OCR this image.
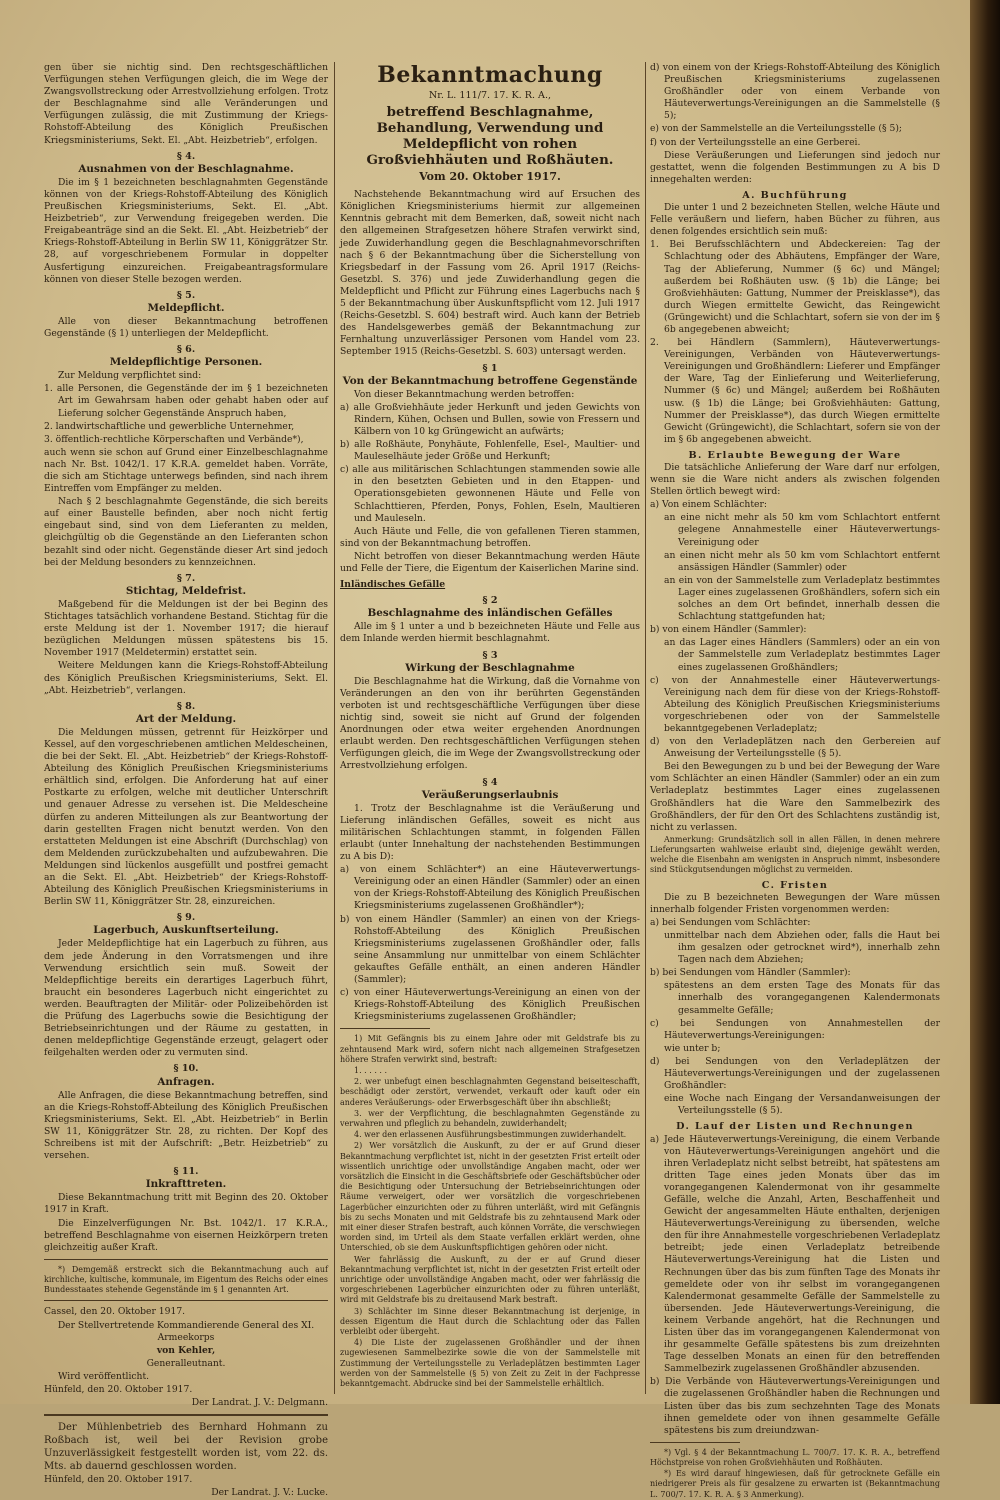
gen über sie nichtig sind. Den rechtsgeschäftlichen Verfügungen stehen Verfügungen gleich, die im Wege der Zwangsvollstreckung oder Arrestvollziehung erfolgen. Trotz der Beschlagnahme sind alle Veränderungen und Verfügungen zulässig, die mit Zustimmung der Kriegs-Rohstoff-Abteilung des Königlich Preußischen Kriegsministeriums, Sekt. El. „Abt. Heizbetrieb“, erfolgen.

§ 4.

Ausnahmen von der Beschlagnahme.

Die im § 1 bezeichneten beschlagnahmten Gegenstände können von der Kriegs-Rohstoff-Abteilung des Königlich Preußischen Kriegsministeriums, Sekt. El. „Abt. Heizbetrieb“, zur Verwendung freigegeben werden. Die Freigabeanträge sind an die Sekt. El. „Abt. Heizbetrieb“ der Kriegs-Rohstoff-Abteilung in Berlin SW 11, Königgrätzer Str. 28, auf vorgeschriebenem Formular in doppelter Ausfertigung einzureichen. Freigabeantragsformulare können von dieser Stelle bezogen werden.

§ 5.

Meldepflicht.

Alle von dieser Bekanntmachung betroffenen Gegenstände (§ 1) unterliegen der Meldepflicht.

§ 6.

Meldepflichtige Personen.

Zur Meldung verpflichtet sind:

1. alle Personen, die Gegenstände der im § 1 bezeichneten Art im Gewahrsam haben oder gehabt haben oder auf Lieferung solcher Gegenstände Anspruch haben,

2. landwirtschaftliche und gewerbliche Unternehmer,

3. öffentlich-rechtliche Körperschaften und Verbände*),

auch wenn sie schon auf Grund einer Einzelbeschlagnahme nach Nr. Bst. 1042/1. 17 K.R.A. gemeldet haben. Vorräte, die sich am Stichtage unterwegs befinden, sind nach ihrem Eintreffen vom Empfänger zu melden.

Nach § 2 beschlagnahmte Gegenstände, die sich bereits auf einer Baustelle befinden, aber noch nicht fertig eingebaut sind, sind von dem Lieferanten zu melden, gleichgültig ob die Gegenstände an den Lieferanten schon bezahlt sind oder nicht. Gegenstände dieser Art sind jedoch bei der Meldung besonders zu kennzeichnen.

§ 7.

Stichtag, Meldefrist.

Maßgebend für die Meldungen ist der bei Beginn des Stichtages tatsächlich vorhandene Bestand. Stichtag für die erste Meldung ist der 1. November 1917; die hierauf bezüglichen Meldungen müssen spätestens bis 15. November 1917 (Meldetermin) erstattet sein.

Weitere Meldungen kann die Kriegs-Rohstoff-Abteilung des Königlich Preußischen Kriegsministeriums, Sekt. El. „Abt. Heizbetrieb“, verlangen.

§ 8.

Art der Meldung.

Die Meldungen müssen, getrennt für Heizkörper und Kessel, auf den vorgeschriebenen amtlichen Meldescheinen, die bei der Sekt. El. „Abt. Heizbetrieb“ der Kriegs-Rohstoff-Abteilung des Königlich Preußischen Kriegsministeriums erhältlich sind, erfolgen. Die Anforderung hat auf einer Postkarte zu erfolgen, welche mit deutlicher Unterschrift und genauer Adresse zu versehen ist. Die Meldescheine dürfen zu anderen Mitteilungen als zur Beantwortung der darin gestellten Fragen nicht benutzt werden. Von den erstatteten Meldungen ist eine Abschrift (Durchschlag) von dem Meldenden zurückzubehalten und aufzubewahren. Die Meldungen sind lückenlos ausgefüllt und postfrei gemacht an die Sekt. El. „Abt. Heizbetrieb“ der Kriegs-Rohstoff-Abteilung des Königlich Preußischen Kriegsministeriums in Berlin SW 11, Königgrätzer Str. 28, einzureichen.

§ 9.

Lagerbuch, Auskunftserteilung.

Jeder Meldepflichtige hat ein Lagerbuch zu führen, aus dem jede Änderung in den Vorratsmengen und ihre Verwendung ersichtlich sein muß. Soweit der Meldepflichtige bereits ein derartiges Lagerbuch führt, braucht ein besonderes Lagerbuch nicht eingerichtet zu werden. Beauftragten der Militär- oder Polizeibehörden ist die Prüfung des Lagerbuchs sowie die Besichtigung der Betriebseinrichtungen und der Räume zu gestatten, in denen meldepflichtige Gegenstände erzeugt, gelagert oder feilgehalten werden oder zu vermuten sind.

§ 10.

Anfragen.

Alle Anfragen, die diese Bekanntmachung betreffen, sind an die Kriegs-Rohstoff-Abteilung des Königlich Preußischen Kriegsministeriums, Sekt. El. „Abt. Heizbetrieb“ in Berlin SW 11, Königgrätzer Str. 28, zu richten. Der Kopf des Schreibens ist mit der Aufschrift: „Betr. Heizbetrieb“ zu versehen.

§ 11.

Inkrafttreten.

Diese Bekanntmachung tritt mit Beginn des 20. Oktober 1917 in Kraft.

Die Einzelverfügungen Nr. Bst. 1042/1. 17 K.R.A., betreffend Beschlagnahme von eisernen Heizkörpern treten gleichzeitig außer Kraft.

*) Demgemäß erstreckt sich die Bekanntmachung auch auf kirchliche, kultische, kommunale, im Eigentum des Reichs oder eines Bundesstaates stehende Gegenstände im § 1 genannten Art.

Cassel, den 20. Oktober 1917.

Der Stellvertretende Kommandierende General des XI. Armeekorps

von Kehler,

Generalleutnant.

Wird veröffentlicht.

Hünfeld, den 20. Oktober 1917.

Der Landrat. J. V.: Delgmann.

Der Mühlenbetrieb des Bernhard Hohmann zu Roßbach ist, weil bei der Revision grobe Unzuverlässigkeit festgestellt worden ist, vom 22. ds. Mts. ab dauernd geschlossen worden.

Hünfeld, den 20. Oktober 1917.

Der Landrat. J. V.: Lucke.

Bekanntmachung

Nr. L. 111/7. 17. K. R. A.,

betreffend Beschlagnahme, Behandlung, Verwendung und Meldepflicht von rohen Großviehhäuten und Roßhäuten.

Vom 20. Oktober 1917.

Nachstehende Bekanntmachung wird auf Ersuchen des Königlichen Kriegsministeriums hiermit zur allgemeinen Kenntnis gebracht mit dem Bemerken, daß, soweit nicht nach den allgemeinen Strafgesetzen höhere Strafen verwirkt sind, jede Zuwiderhandlung gegen die Beschlagnahmevorschriften nach § 6 der Bekanntmachung über die Sicherstellung von Kriegsbedarf in der Fassung vom 26. April 1917 (Reichs-Gesetzbl. S. 376) und jede Zuwiderhandlung gegen die Meldepflicht und Pflicht zur Führung eines Lagerbuchs nach § 5 der Bekanntmachung über Auskunftspflicht vom 12. Juli 1917 (Reichs-Gesetzbl. S. 604) bestraft wird. Auch kann der Betrieb des Handelsgewerbes gemäß der Bekanntmachung zur Fernhaltung unzuverlässiger Personen vom Handel vom 23. September 1915 (Reichs-Gesetzbl. S. 603) untersagt werden.

§ 1

Von der Bekanntmachung betroffene Gegenstände

Von dieser Bekanntmachung werden betroffen:

a) alle Großviehhäute jeder Herkunft und jeden Gewichts von Rindern, Kühen, Ochsen und Bullen, sowie von Fressern und Kälbern von 10 kg Grüngewicht an aufwärts;

b) alle Roßhäute, Ponyhäute, Fohlenfelle, Esel-, Maultier- und Mauleselhäute jeder Größe und Herkunft;

c) alle aus militärischen Schlachtungen stammenden sowie alle in den besetzten Gebieten und in den Etappen- und Operationsgebieten gewonnenen Häute und Felle von Schlachttieren, Pferden, Ponys, Fohlen, Eseln, Maultieren und Mauleseln.

Auch Häute und Felle, die von gefallenen Tieren stammen, sind von der Bekanntmachung betroffen.

Nicht betroffen von dieser Bekanntmachung werden Häute und Felle der Tiere, die Eigentum der Kaiserlichen Marine sind.

Inländisches Gefälle

§ 2

Beschlagnahme des inländischen Gefälles

Alle im § 1 unter a und b bezeichneten Häute und Felle aus dem Inlande werden hiermit beschlagnahmt.

§ 3

Wirkung der Beschlagnahme

Die Beschlagnahme hat die Wirkung, daß die Vornahme von Veränderungen an den von ihr berührten Gegenständen verboten ist und rechtsgeschäftliche Verfügungen über diese nichtig sind, soweit sie nicht auf Grund der folgenden Anordnungen oder etwa weiter ergehenden Anordnungen erlaubt werden. Den rechtsgeschäftlichen Verfügungen stehen Verfügungen gleich, die im Wege der Zwangsvollstreckung oder Arrestvollziehung erfolgen.

§ 4

Veräußerungserlaubnis

1. Trotz der Beschlagnahme ist die Veräußerung und Lieferung inländischen Gefälles, soweit es nicht aus militärischen Schlachtungen stammt, in folgenden Fällen erlaubt (unter Innehaltung der nachstehenden Bestimmungen zu A bis D):

a) von einem Schlächter*) an eine Häuteverwertungs-Vereinigung oder an einen Händler (Sammler) oder an einen von der Kriegs-Rohstoff-Abteilung des Königlich Preußischen Kriegsministeriums zugelassenen Großhändler*);

b) von einem Händler (Sammler) an einen von der Kriegs-Rohstoff-Abteilung des Königlich Preußischen Kriegsministeriums zugelassenen Großhändler oder, falls seine Ansammlung nur unmittelbar von einem Schlächter gekauftes Gefälle enthält, an einen anderen Händler (Sammler);

c) von einer Häuteverwertungs-Vereinigung an einen von der Kriegs-Rohstoff-Abteilung des Königlich Preußischen Kriegsministeriums zugelassenen Großhändler;

1) Mit Gefängnis bis zu einem Jahre oder mit Geldstrafe bis zu zehntausend Mark wird, sofern nicht nach allgemeinen Strafgesetzen höhere Strafen verwirkt sind, bestraft:

1. . . . . .

2. wer unbefugt einen beschlagnahmten Gegenstand beiseiteschafft, beschädigt oder zerstört, verwendet, verkauft oder kauft oder ein anderes Veräußerungs- oder Erwerbsgeschäft über ihn abschließt;

3. wer der Verpflichtung, die beschlagnahmten Gegenstände zu verwahren und pfleglich zu behandeln, zuwiderhandelt;

4. wer den erlassenen Ausführungsbestimmungen zuwiderhandelt.

2) Wer vorsätzlich die Auskunft, zu der er auf Grund dieser Bekanntmachung verpflichtet ist, nicht in der gesetzten Frist erteilt oder wissentlich unrichtige oder unvollständige Angaben macht, oder wer vorsätzlich die Einsicht in die Geschäftsbriefe oder Geschäftsbücher oder die Besichtigung oder Untersuchung der Betriebseinrichtungen oder Räume verweigert, oder wer vorsätzlich die vorgeschriebenen Lagerbücher einzurichten oder zu führen unterläßt, wird mit Gefängnis bis zu sechs Monaten und mit Geldstrafe bis zu zehntausend Mark oder mit einer dieser Strafen bestraft, auch können Vorräte, die verschwiegen worden sind, im Urteil als dem Staate verfallen erklärt werden, ohne Unterschied, ob sie dem Auskunftspflichtigen gehören oder nicht.

Wer fahrlässig die Auskunft, zu der er auf Grund dieser Bekanntmachung verpflichtet ist, nicht in der gesetzten Frist erteilt oder unrichtige oder unvollständige Angaben macht, oder wer fahrlässig die vorgeschriebenen Lagerbücher einzurichten oder zu führen unterläßt, wird mit Geldstrafe bis zu dreitausend Mark bestraft.

3) Schlächter im Sinne dieser Bekanntmachung ist derjenige, in dessen Eigentum die Haut durch die Schlachtung oder das Fallen verbleibt oder übergeht.

4) Die Liste der zugelassenen Großhändler und der ihnen zugewiesenen Sammelbezirke sowie die von der Sammelstelle mit Zustimmung der Verteilungsstelle zu Verladeplätzen bestimmten Lager werden von der Sammelstelle (§ 5) von Zeit zu Zeit in der Fachpresse bekanntgemacht. Abdrucke sind bei der Sammelstelle erhältlich.

d) von einem von der Kriegs-Rohstoff-Abteilung des Königlich Preußischen Kriegsministeriums zugelassenen Großhändler oder von einem Verbande von Häuteverwertungs-Vereinigungen an die Sammelstelle (§ 5);

e) von der Sammelstelle an die Verteilungsstelle (§ 5);

f) von der Verteilungsstelle an eine Gerberei.

Diese Veräußerungen und Lieferungen sind jedoch nur gestattet, wenn die folgenden Bestimmungen zu A bis D innegehalten werden:

A. Buchführung

Die unter 1 und 2 bezeichneten Stellen, welche Häute und Felle veräußern und liefern, haben Bücher zu führen, aus denen folgendes ersichtlich sein muß:

1. Bei Berufsschlächtern und Abdeckereien: Tag der Schlachtung oder des Abhäutens, Empfänger der Ware, Tag der Ablieferung, Nummer (§ 6c) und Mängel; außerdem bei Roßhäuten usw. (§ 1b) die Länge; bei Großviehhäuten: Gattung, Nummer der Preisklasse*), das durch Wiegen ermittelte Gewicht, das Reingewicht (Grüngewicht) und die Schlachtart, sofern sie von der im § 6b angegebenen abweicht;

2. bei Händlern (Sammlern), Häuteverwertungs-Vereinigungen, Verbänden von Häuteverwertungs-Vereinigungen und Großhändlern: Lieferer und Empfänger der Ware, Tag der Einlieferung und Weiterlieferung, Nummer (§ 6c) und Mängel; außerdem bei Roßhäuten usw. (§ 1b) die Länge; bei Großviehhäuten: Gattung, Nummer der Preisklasse*), das durch Wiegen ermittelte Gewicht (Grüngewicht), die Schlachtart, sofern sie von der im § 6b angegebenen abweicht.

B. Erlaubte Bewegung der Ware

Die tatsächliche Anlieferung der Ware darf nur erfolgen, wenn sie die Ware nicht anders als zwischen folgenden Stellen örtlich bewegt wird:

a) Von einem Schlächter:

an eine nicht mehr als 50 km vom Schlachtort entfernt gelegene Annahmestelle einer Häuteverwertungs-Vereinigung oder

an einen nicht mehr als 50 km vom Schlachtort entfernt ansässigen Händler (Sammler) oder

an ein von der Sammelstelle zum Verladeplatz bestimmtes Lager eines zugelassenen Großhändlers, sofern sich ein solches an dem Ort befindet, innerhalb dessen die Schlachtung stattgefunden hat;

b) von einem Händler (Sammler):

an das Lager eines Händlers (Sammlers) oder an ein von der Sammelstelle zum Verladeplatz bestimmtes Lager eines zugelassenen Großhändlers;

c) von der Annahmestelle einer Häuteverwertungs-Vereinigung nach dem für diese von der Kriegs-Rohstoff-Abteilung des Königlich Preußischen Kriegsministeriums vorgeschriebenen oder von der Sammelstelle bekanntgegebenen Verladeplatz;

d) von den Verladeplätzen nach den Gerbereien auf Anweisung der Verteilungsstelle (§ 5).

Bei den Bewegungen zu b und bei der Bewegung der Ware vom Schlächter an einen Händler (Sammler) oder an ein zum Verladeplatz bestimmtes Lager eines zugelassenen Großhändlers hat die Ware den Sammelbezirk des Großhändlers, der für den Ort des Schlachtens zuständig ist, nicht zu verlassen.

Anmerkung: Grundsätzlich soll in allen Fällen, in denen mehrere Lieferungsarten wahlweise erlaubt sind, diejenige gewählt werden, welche die Eisenbahn am wenigsten in Anspruch nimmt, insbesondere sind Stückgutsendungen möglichst zu vermeiden.

C. Fristen

Die zu B bezeichneten Bewegungen der Ware müssen innerhalb folgender Fristen vorgenommen werden:

a) bei Sendungen vom Schlächter:

unmittelbar nach dem Abziehen oder, falls die Haut bei ihm gesalzen oder getrocknet wird*), innerhalb zehn Tagen nach dem Abziehen;

b) bei Sendungen vom Händler (Sammler):

spätestens an dem ersten Tage des Monats für das innerhalb des vorangegangenen Kalendermonats gesammelte Gefälle;

c) bei Sendungen von Annahmestellen der Häuteverwertungs-Vereinigungen:

wie unter b;

d) bei Sendungen von den Verladeplätzen der Häuteverwertungs-Vereinigungen und der zugelassenen Großhändler:

eine Woche nach Eingang der Versandanweisungen der Verteilungsstelle (§ 5).

D. Lauf der Listen und Rechnungen

a) Jede Häuteverwertungs-Vereinigung, die einem Verbande von Häuteverwertungs-Vereinigungen angehört und die ihren Verladeplatz nicht selbst betreibt, hat spätestens am dritten Tage eines jeden Monats über das im vorangegangenen Kalendermonat von ihr gesammelte Gefälle, welche die Anzahl, Arten, Beschaffenheit und Gewicht der angesammelten Häute enthalten, derjenigen Häuteverwertungs-Vereinigung zu übersenden, welche den für ihre Annahmestelle vorgeschriebenen Verladeplatz betreibt; jede einen Verladeplatz betreibende Häuteverwertungs-Vereinigung hat die Listen und Rechnungen über das bis zum fünften Tage des Monats ihr gemeldete oder von ihr selbst im vorangegangenen Kalendermonat gesammelte Gefälle der Sammelstelle zu übersenden. Jede Häuteverwertungs-Vereinigung, die keinem Verbande angehört, hat die Rechnungen und Listen über das im vorangegangenen Kalendermonat von ihr gesammelte Gefälle spätestens bis zum dreizehnten Tage desselben Monats an einen für den betreffenden Sammelbezirk zugelassenen Großhändler abzusenden.

b) Die Verbände von Häuteverwertungs-Vereinigungen und die zugelassenen Großhändler haben die Rechnungen und Listen über das bis zum sechzehnten Tage des Monats ihnen gemeldete oder von ihnen gesammelte Gefälle spätestens bis zum dreiundzwan-

*) Vgl. § 4 der Bekanntmachung L. 700/7. 17. K. R. A., betreffend Höchstpreise von rohen Großviehhäuten und Roßhäuten.

*) Es wird darauf hingewiesen, daß für getrocknete Gefälle ein niedrigerer Preis als für gesalzene zu erwarten ist (Bekanntmachung L. 700/7. 17. K. R. A. § 3 Anmerkung).
